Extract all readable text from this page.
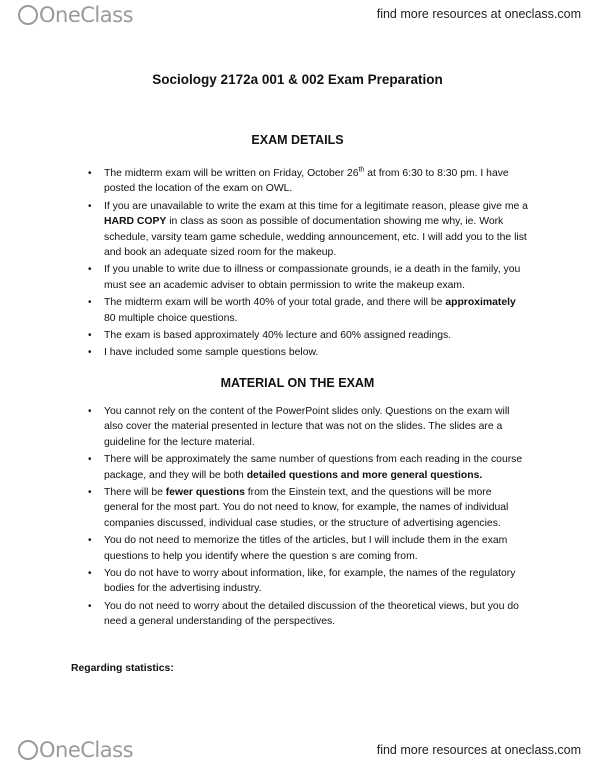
OneClass	find more resources at oneclass.com
Sociology 2172a 001 & 002 Exam Preparation
EXAM DETAILS
• The midterm exam will be written on Friday, October 26th at from 6:30 to 8:30 pm. I have posted the location of the exam on OWL.
• If you are unavailable to write the exam at this time for a legitimate reason, please give me a HARD COPY in class as soon as possible of documentation showing me why, ie. Work schedule, varsity team game schedule, wedding announcement, etc. I will add you to the list and book an adequate sized room for the makeup.
• If you unable to write due to illness or compassionate grounds, ie a death in the family, you must see an academic adviser to obtain permission to write the makeup exam.
• The midterm exam will be worth 40% of your total grade, and there will be approximately 80 multiple choice questions.
• The exam is based approximately 40% lecture and 60% assigned readings.
• I have included some sample questions below.
MATERIAL ON THE EXAM
• You cannot rely on the content of the PowerPoint slides only. Questions on the exam will also cover the material presented in lecture that was not on the slides. The slides are a guideline for the lecture material.
• There will be approximately the same number of questions from each reading in the course package, and they will be both detailed questions and more general questions.
• There will be fewer questions from the Einstein text, and the questions will be more general for the most part. You do not need to know, for example, the names of individual companies discussed, individual case studies, or the structure of advertising agencies.
• You do not need to memorize the titles of the articles, but I will include them in the exam questions to help you identify where the question s are coming from.
• You do not have to worry about information, like, for example, the names of the regulatory bodies for the advertising industry.
• You do not need to worry about the detailed discussion of the theoretical views, but you do need a general understanding of the perspectives.
Regarding statistics:
OneClass	find more resources at oneclass.com
